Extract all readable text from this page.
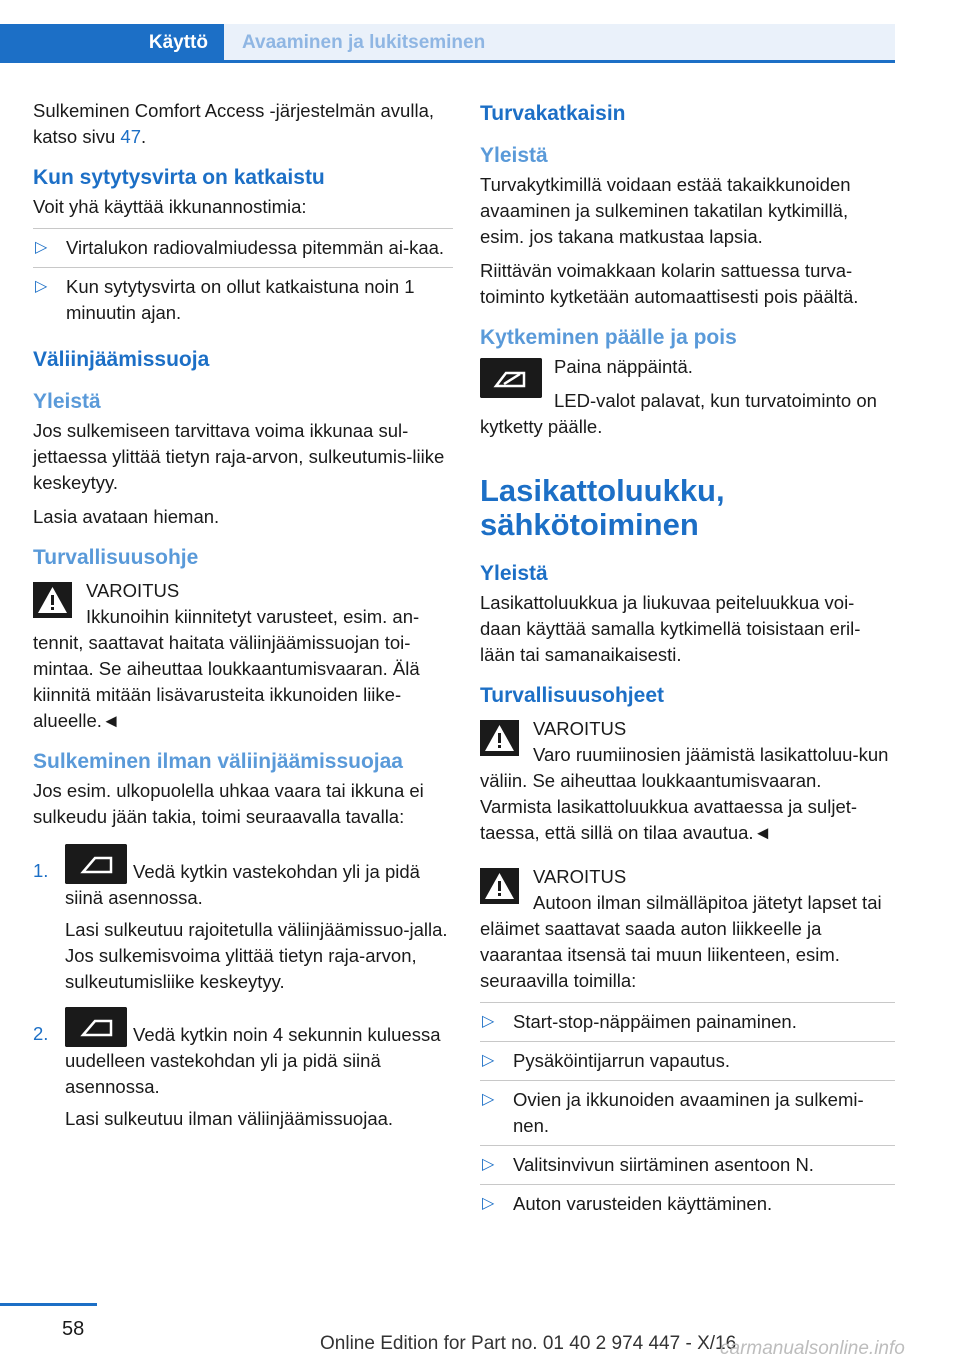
Käyttö	Avaaminen ja lukitseminen

Sulkeminen Comfort Access -järjestelmän avulla, katso sivu 47.

Kun sytytysvirta on katkaistu

Voit yhä käyttää ikkunannostimia:

▷ Virtalukon radiovalmiudessa pitemmän ai-kaa.
▷ Kun sytytysvirta on ollut katkaistuna noin 1 minuutin ajan.
Väliinjäämissuoja
Yleistä

Jos sulkemiseen tarvittava voima ikkunaa sul-jettaessa ylittää tietyn raja-arvon, sulkeutumis-liike keskeytyy.

Lasia avataan hieman.

Turvallisuusohje

VAROITUS

Ikkunoihin kiinnitetyt varusteet, esim. an-tennit, saattavat haitata väliinjäämissuojan toi-mintaa. Se aiheuttaa loukkaantumisvaaran. Älä kiinnitä mitään lisävarusteita ikkunoiden liike-alueelle.◄

Sulkeminen ilman väliinjäämissuojaa

Jos esim. ulkopuolella uhkaa vaara tai ikkuna ei sulkeudu jään takia, toimi seuraavalla tavalla:

1.	Vedä kytkin vastekohdan yli ja pidä siinä asennossa.

Lasi sulkeutuu rajoitetulla väliinjäämissuo-jalla. Jos sulkemisvoima ylittää tietyn raja-arvon, sulkeutumisliike keskeytyy.

2.	Vedä kytkin noin 4 sekunnin kuluessa uudelleen vastekohdan yli ja pidä siinä asennossa.

Lasi sulkeutuu ilman väliinjäämissuojaa.

Turvakatkaisin
Yleistä

Turvakytkimillä voidaan estää takaikkunoiden avaaminen ja sulkeminen takatilan kytkimillä, esim. jos takana matkustaa lapsia.

Riittävän voimakkaan kolarin sattuessa turva-toiminto kytketään automaattisesti pois päältä.

Kytkeminen päälle ja pois

Paina näppäintä.

LED-valot palavat, kun turvatoiminto on kytketty päälle.

Lasikattoluukku, sähkötoiminen
Yleistä

Lasikattoluukkua ja liukuvaa peiteluukkua voi-daan käyttää samalla kytkimellä toisistaan eril-lään tai samanaikaisesti.

Turvallisuusohjeet

VAROITUS

Varo ruumiinosien jäämistä lasikattoluu-kun väliin. Se aiheuttaa loukkaantumisvaaran. Varmista lasikattoluukkua avattaessa ja suljet-taessa, että sillä on tilaa avautua.◄

VAROITUS

Autoon ilman silmälläpitoa jätetyt lapset tai eläimet saattavat saada auton liikkeelle ja vaarantaa itsensä tai muun liikenteen, esim. seuraavilla toimilla:

▷ Start-stop-näppäimen painaminen.
▷ Pysäköintijarrun vapautus.
▷ Ovien ja ikkunoiden avaaminen ja sulkemi-nen.
▷ Valitsinvivun siirtäminen asentoon N.
▷ Auton varusteiden käyttäminen.
58
Online Edition for Part no. 01 40 2 974 447 - X/16
carmanualsonline.info
